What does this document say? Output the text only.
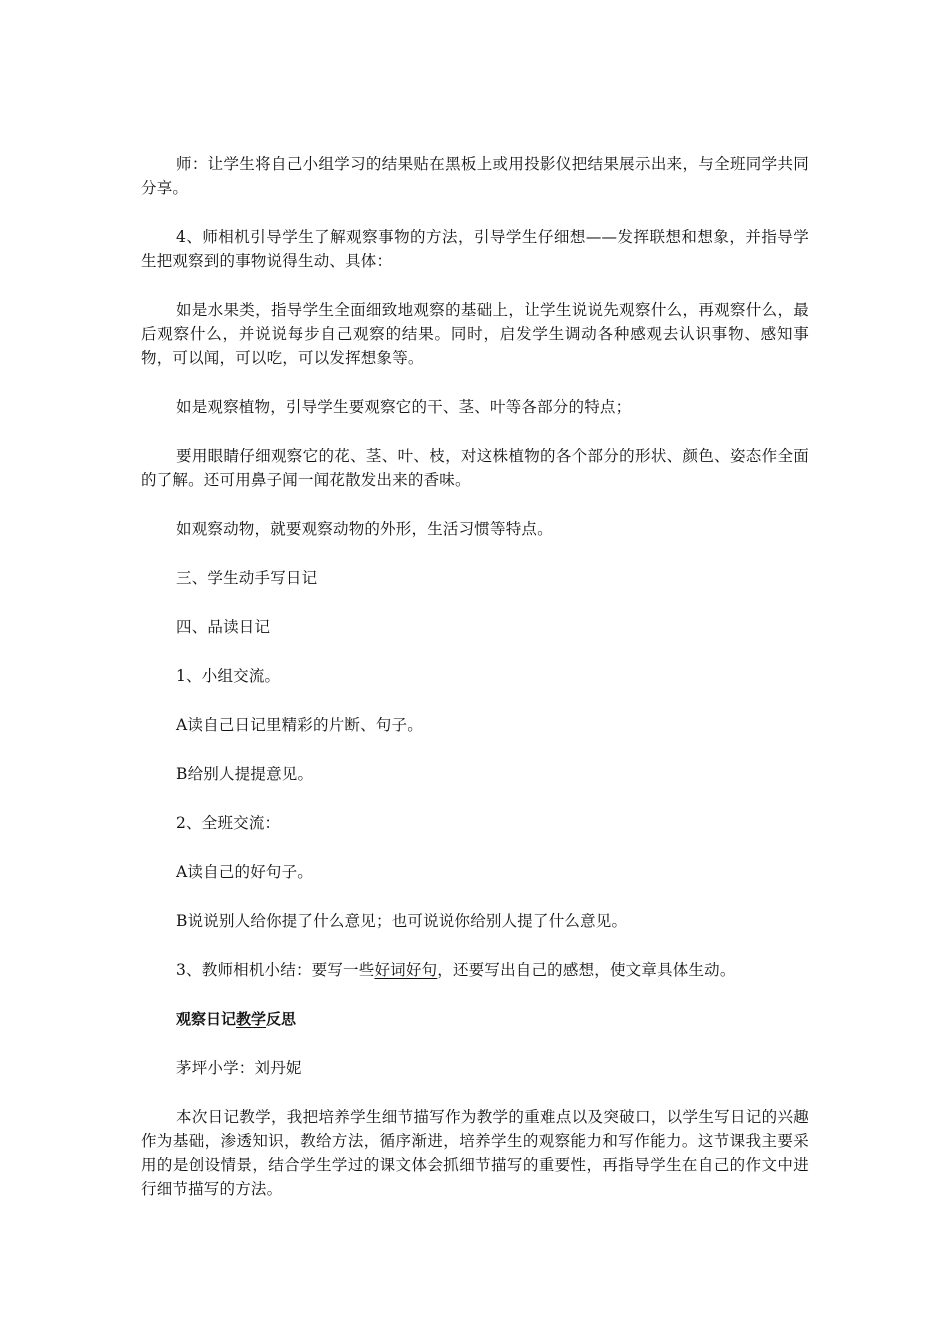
师：让学生将自己小组学习的结果贴在黑板上或用投影仪把结果展示出来，与全班同学共同分享。

4、师相机引导学生了解观察事物的方法，引导学生仔细想——发挥联想和想象，并指导学生把观察到的事物说得生动、具体：

如是水果类，指导学生全面细致地观察的基础上，让学生说说先观察什么，再观察什么，最后观察什么，并说说每步自己观察的结果。同时，启发学生调动各种感观去认识事物、感知事物，可以闻，可以吃，可以发挥想象等。

如是观察植物，引导学生要观察它的干、茎、叶等各部分的特点；

要用眼睛仔细观察它的花、茎、叶、枝，对这株植物的各个部分的形状、颜色、姿态作全面的了解。还可用鼻子闻一闻花散发出来的香味。

如观察动物，就要观察动物的外形，生活习惯等特点。

三、学生动手写日记

四、品读日记

1、小组交流。

A读自己日记里精彩的片断、句子。

B给别人提提意见。

2、全班交流：

A读自己的好句子。

B说说别人给你提了什么意见；也可说说你给别人提了什么意见。

3、教师相机小结：要写一些好词好句，还要写出自己的感想，使文章具体生动。

观察日记教学反思

茅坪小学：刘丹妮

本次日记教学，我把培养学生细节描写作为教学的重难点以及突破口，以学生写日记的兴趣作为基础，渗透知识，教给方法，循序渐进，培养学生的观察能力和写作能力。这节课我主要采用的是创设情景，结合学生学过的课文体会抓细节描写的重要性，再指导学生在自己的作文中进行细节描写的方法。
